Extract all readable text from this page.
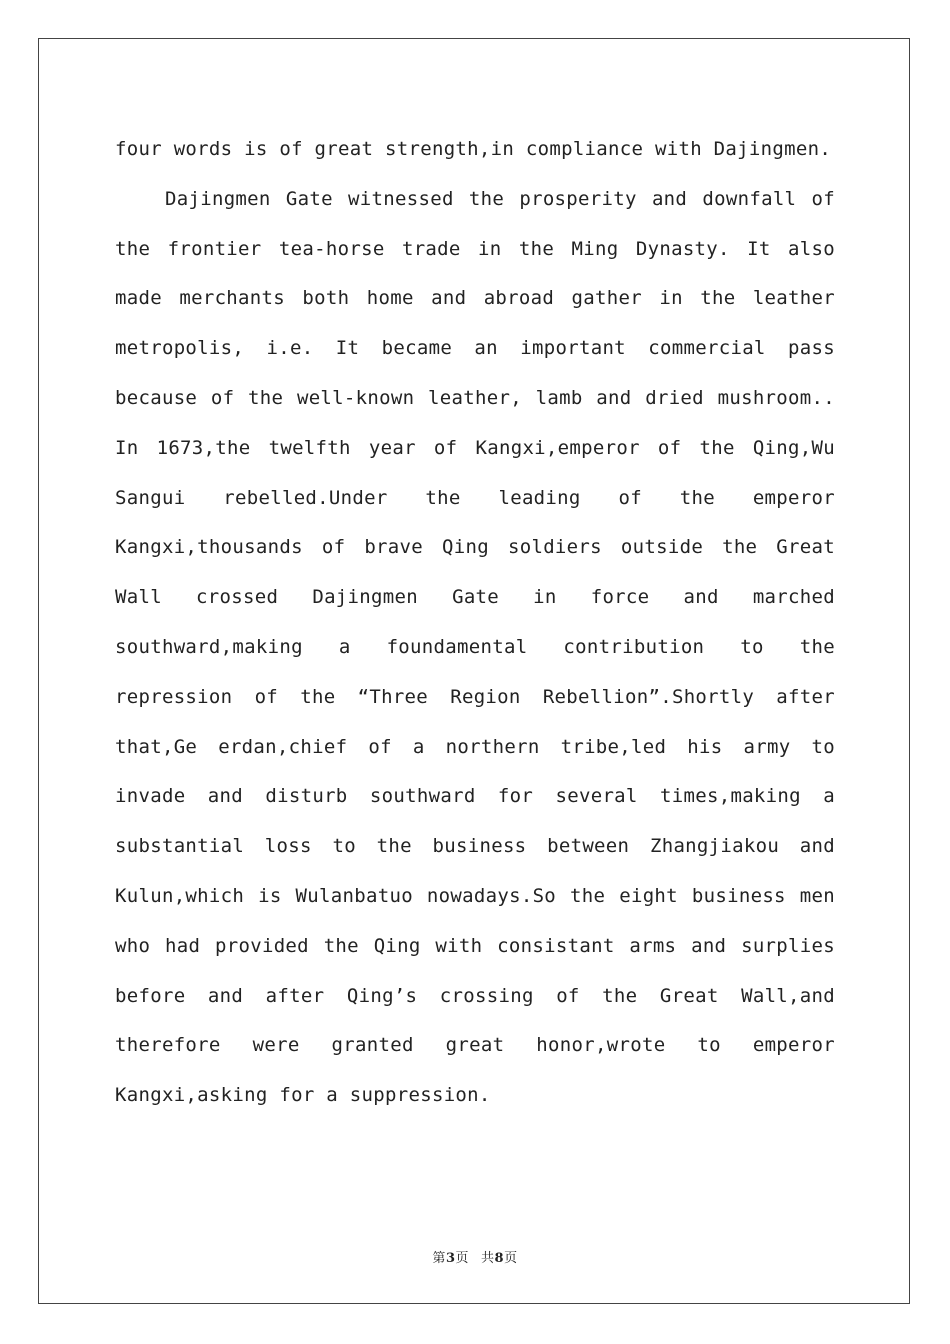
four words is of great strength,in compliance with Dajingmen.

Dajingmen Gate witnessed the prosperity and downfall of the frontier tea-horse trade in the Ming Dynasty. It also made merchants both home and abroad gather in the leather metropolis, i.e. It became an important commercial pass because of the well-known leather, lamb and dried mushroom.. In 1673,the twelfth year of Kangxi,emperor of the Qing,Wu Sangui rebelled.Under the leading of the emperor Kangxi,thousands of brave Qing soldiers outside the Great Wall crossed Dajingmen Gate in force and marched southward,making a foundamental contribution to the repression of the “Three Region Rebellion”.Shortly after that,Ge erdan,chief of a northern tribe,led his army to invade and disturb southward for several times,making a substantial loss to the business between Zhangjiakou and Kulun,which is Wulanbatuo nowadays.So the eight business men who had provided the Qing with consistant arms and surplies before and after Qing’s crossing of the Great Wall,and therefore were granted great honor,wrote to emperor Kangxi,asking for a suppression.

第3页 共8页
